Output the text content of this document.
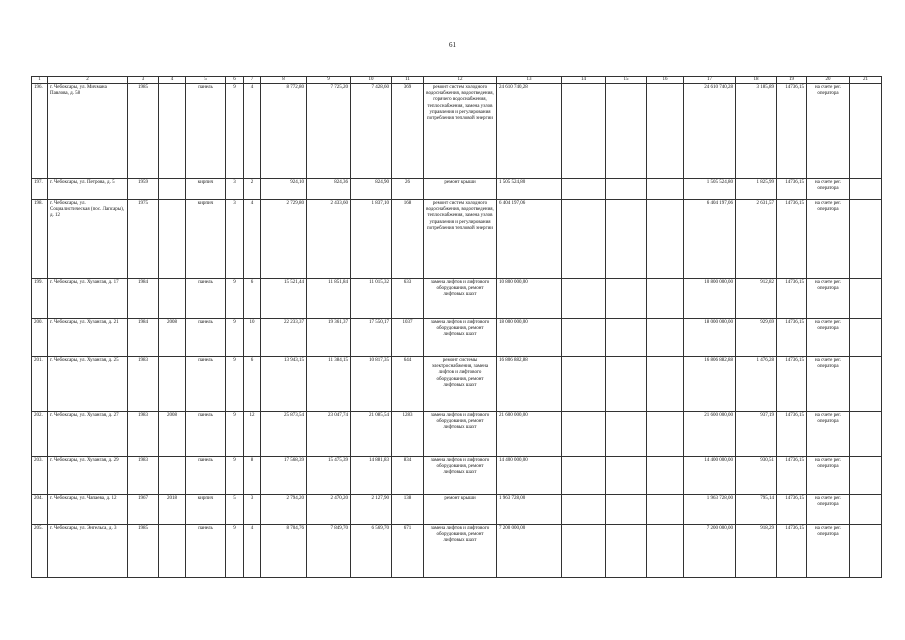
61
1	2	3	4	5	6	7	8	9	10	11	12	13	14	15	16	17	18	19	20	21
196.	г. Чебоксары, ул. Мичмана Павлова, д. 58	1985		панель	9	4	8 772,80	7 725,20	7 428,60	369	ремонт систем холодного водоснабжения, водоотведения, горячего водоснабжения, теплоснабжения, замена узлов управления и регулирования потребления тепловой энергии	24 610 740,28				24 610 740,28	3 185,89	14736,15	на счете рег. оператора	
197.	г. Чебоксары, ул. Петрова, д. 5	1959		кирпич	3	2	924,10	824,36	824,90	26	ремонт крыши	1 505 524,80				1 505 524,80	1 825,99	14736,15	на счете рег. оператора	
198.	г. Чебоксары, ул. Социалистическая (пос. Лапсары), д. 12	1975		кирпич	3	4	2 729,80	2 433,60	1 837,10	168	ремонт систем холодного водоснабжения, водоотведения, теплоснабжения, замена узлов управления и регулирования потребления тепловой энергии	6 404 197,06				6 404 197,06	2 631,57	14736,15	на счете рег. оператора	
199.	г. Чебоксары, ул. Хузангая, д. 17	1984		панель	9	6	15 521,44	11 851,84	11 015,32	633	замена лифтов и лифтового оборудования, ремонт лифтовых шахт	10 800 000,00				10 800 000,00	912,82	14736,15	на счете рег. оператора	
200.	г. Чебоксары, ул. Хузангая, д. 21	1984	2008	панель	9	10	22 233,37	19 361,37	17 550,17	1037	замена лифтов и лифтового оборудования, ремонт лифтовых шахт	18 000 000,00				18 000 000,00	929,69	14736,15	на счете рег. оператора	
201.	г. Чебоксары, ул. Хузангая, д. 25	1983		панель	9	6	13 943,15	11 384,15	10 817,35	644	ремонт системы электроснабжения, замена лифтов и лифтового оборудования, ремонт лифтовых шахт	16 806 882,88				16 806 882,88	1 476,28	14736,15	на счете рег. оператора	
202.	г. Чебоксары, ул. Хузангая, д. 27	1983	2008	панель	9	12	25 873,54	23 047,74	21 085,54	1283	замена лифтов и лифтового оборудования, ремонт лифтовых шахт	21 600 000,00				21 600 000,00	937,19	14736,15	на счете рег. оператора	
203.	г. Чебоксары, ул. Хузангая, д. 29	1983		панель	9	8	17 568,39	15 475,39	14 881,83	834	замена лифтов и лифтового оборудования, ремонт лифтовых шахт	14 400 000,00				14 400 000,00	930,51	14736,15	на счете рег. оператора	
204.	г. Чебоксары, ул. Чапаева, д. 12	1967	2018	кирпич	5	3	2 794,20	2 470,20	2 127,90	138	ремонт крыши	1 963 728,00				1 963 728,00	795,14	14736,15	на счете рег. оператора	
205.	г. Чебоксары, ул. Энгельса, д. 3	1985		панель	9	4	8 704,76	7 849,70	6 569,70	671	замена лифтов и лифтового оборудования, ремонт лифтовых шахт	7 200 000,00				7 200 000,00	918,29	14736,15	на счете рег. оператора	
